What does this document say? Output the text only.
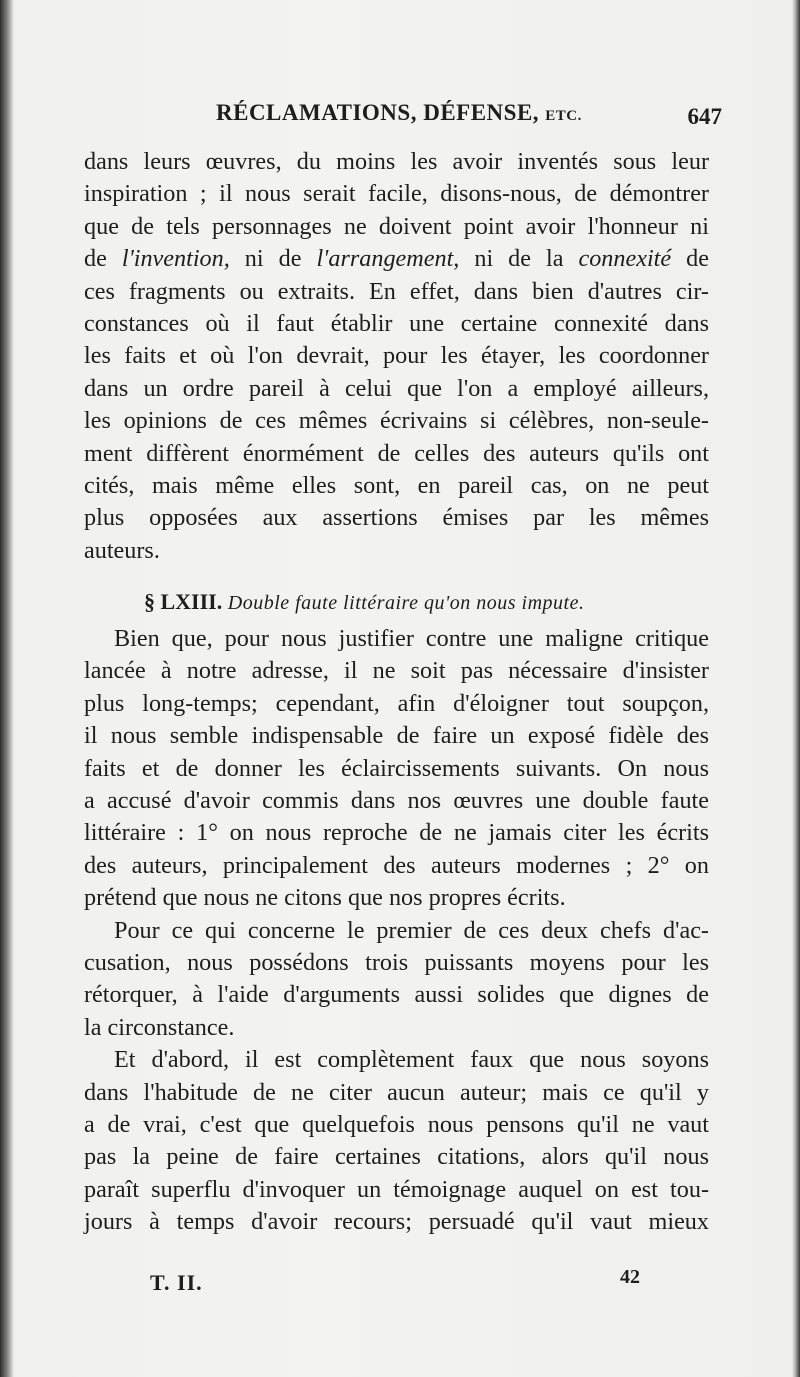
RÉCLAMATIONS, DÉFENSE, ETC.	647
dans leurs œuvres, du moins les avoir inventés sous leur
inspiration ; il nous serait facile, disons-nous, de démontrer
que de tels personnages ne doivent point avoir l'honneur ni
de l'invention, ni de l'arrangement, ni de la connexité de
ces fragments ou extraits. En effet, dans bien d'autres cir-
constances où il faut établir une certaine connexité dans
les faits et où l'on devrait, pour les étayer, les coordonner
dans un ordre pareil à celui que l'on a employé ailleurs,
les opinions de ces mêmes écrivains si célèbres, non-seule-
ment diffèrent énormément de celles des auteurs qu'ils ont
cités, mais même elles sont, en pareil cas, on ne peut
plus opposées aux assertions émises par les mêmes
auteurs.
§ LXIII. Double faute littéraire qu'on nous impute.
Bien que, pour nous justifier contre une maligne critique
lancée à notre adresse, il ne soit pas nécessaire d'insister
plus long-temps; cependant, afin d'éloigner tout soupçon,
il nous semble indispensable de faire un exposé fidèle des
faits et de donner les éclaircissements suivants. On nous
a accusé d'avoir commis dans nos œuvres une double faute
littéraire : 1° on nous reproche de ne jamais citer les écrits
des auteurs, principalement des auteurs modernes ; 2° on
prétend que nous ne citons que nos propres écrits.
Pour ce qui concerne le premier de ces deux chefs d'ac-
cusation, nous possédons trois puissants moyens pour les
rétorquer, à l'aide d'arguments aussi solides que dignes de
la circonstance.
Et d'abord, il est complètement faux que nous soyons
dans l'habitude de ne citer aucun auteur; mais ce qu'il y
a de vrai, c'est que quelquefois nous pensons qu'il ne vaut
pas la peine de faire certaines citations, alors qu'il nous
paraît superflu d'invoquer un témoignage auquel on est tou-
jours à temps d'avoir recours; persuadé qu'il vaut mieux
T. II.	42
